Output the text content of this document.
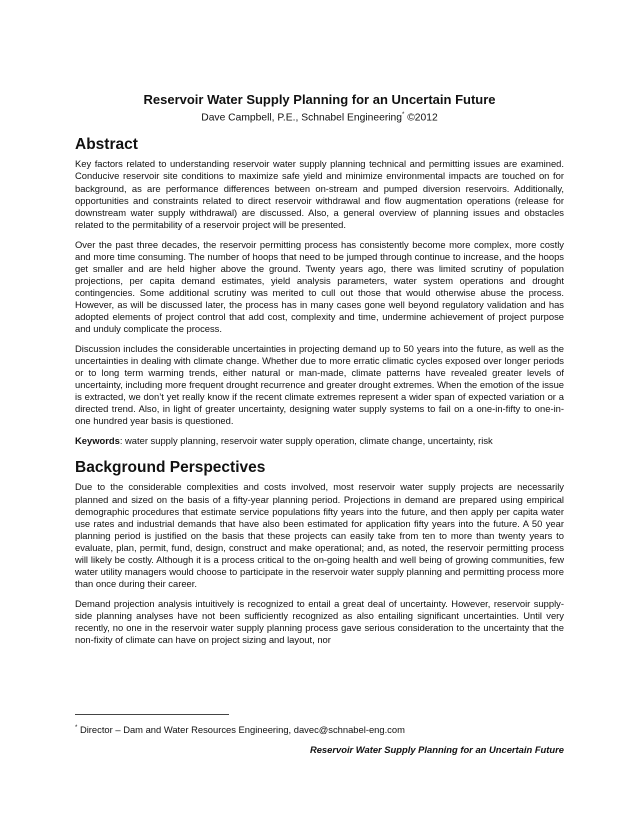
Reservoir Water Supply Planning for an Uncertain Future

Dave Campbell, P.E., Schnabel Engineering* ©2012

Abstract

Key factors related to understanding reservoir water supply planning technical and permitting issues are examined. Conducive reservoir site conditions to maximize safe yield and minimize environmental impacts are touched on for background, as are performance differences between on-stream and pumped diversion reservoirs. Additionally, opportunities and constraints related to direct reservoir withdrawal and flow augmentation operations (release for downstream water supply withdrawal) are discussed. Also, a general overview of planning issues and obstacles related to the permitability of a reservoir project will be presented.

Over the past three decades, the reservoir permitting process has consistently become more complex, more costly and more time consuming. The number of hoops that need to be jumped through continue to increase, and the hoops get smaller and are held higher above the ground. Twenty years ago, there was limited scrutiny of population projections, per capita demand estimates, yield analysis parameters, water system operations and drought contingencies. Some additional scrutiny was merited to cull out those that would otherwise abuse the process. However, as will be discussed later, the process has in many cases gone well beyond regulatory validation and has adopted elements of project control that add cost, complexity and time, undermine achievement of project purpose and unduly complicate the process.

Discussion includes the considerable uncertainties in projecting demand up to 50 years into the future, as well as the uncertainties in dealing with climate change. Whether due to more erratic climatic cycles exposed over longer periods or to long term warming trends, either natural or man-made, climate patterns have revealed greater levels of uncertainty, including more frequent drought recurrence and greater drought extremes. When the emotion of the issue is extracted, we don’t yet really know if the recent climate extremes represent a wider span of expected variation or a directed trend. Also, in light of greater uncertainty, designing water supply systems to fail on a one-in-fifty to one-in-one hundred year basis is questioned.

Keywords: water supply planning, reservoir water supply operation, climate change, uncertainty, risk

Background Perspectives

Due to the considerable complexities and costs involved, most reservoir water supply projects are necessarily planned and sized on the basis of a fifty-year planning period. Projections in demand are prepared using empirical demographic procedures that estimate service populations fifty years into the future, and then apply per capita water use rates and industrial demands that have also been estimated for application fifty years into the future. A 50 year planning period is justified on the basis that these projects can easily take from ten to more than twenty years to evaluate, plan, permit, fund, design, construct and make operational; and, as noted, the reservoir permitting process will likely be costly. Although it is a process critical to the on-going health and well being of growing communities, few water utility managers would choose to participate in the reservoir water supply planning and permitting process more than once during their career.

Demand projection analysis intuitively is recognized to entail a great deal of uncertainty. However, reservoir supply-side planning analyses have not been sufficiently recognized as also entailing significant uncertainties. Until very recently, no one in the reservoir water supply planning process gave serious consideration to the uncertainty that the non-fixity of climate can have on project sizing and layout, nor

* Director – Dam and Water Resources Engineering, davec@schnabel-eng.com
Reservoir Water Supply Planning for an Uncertain Future
